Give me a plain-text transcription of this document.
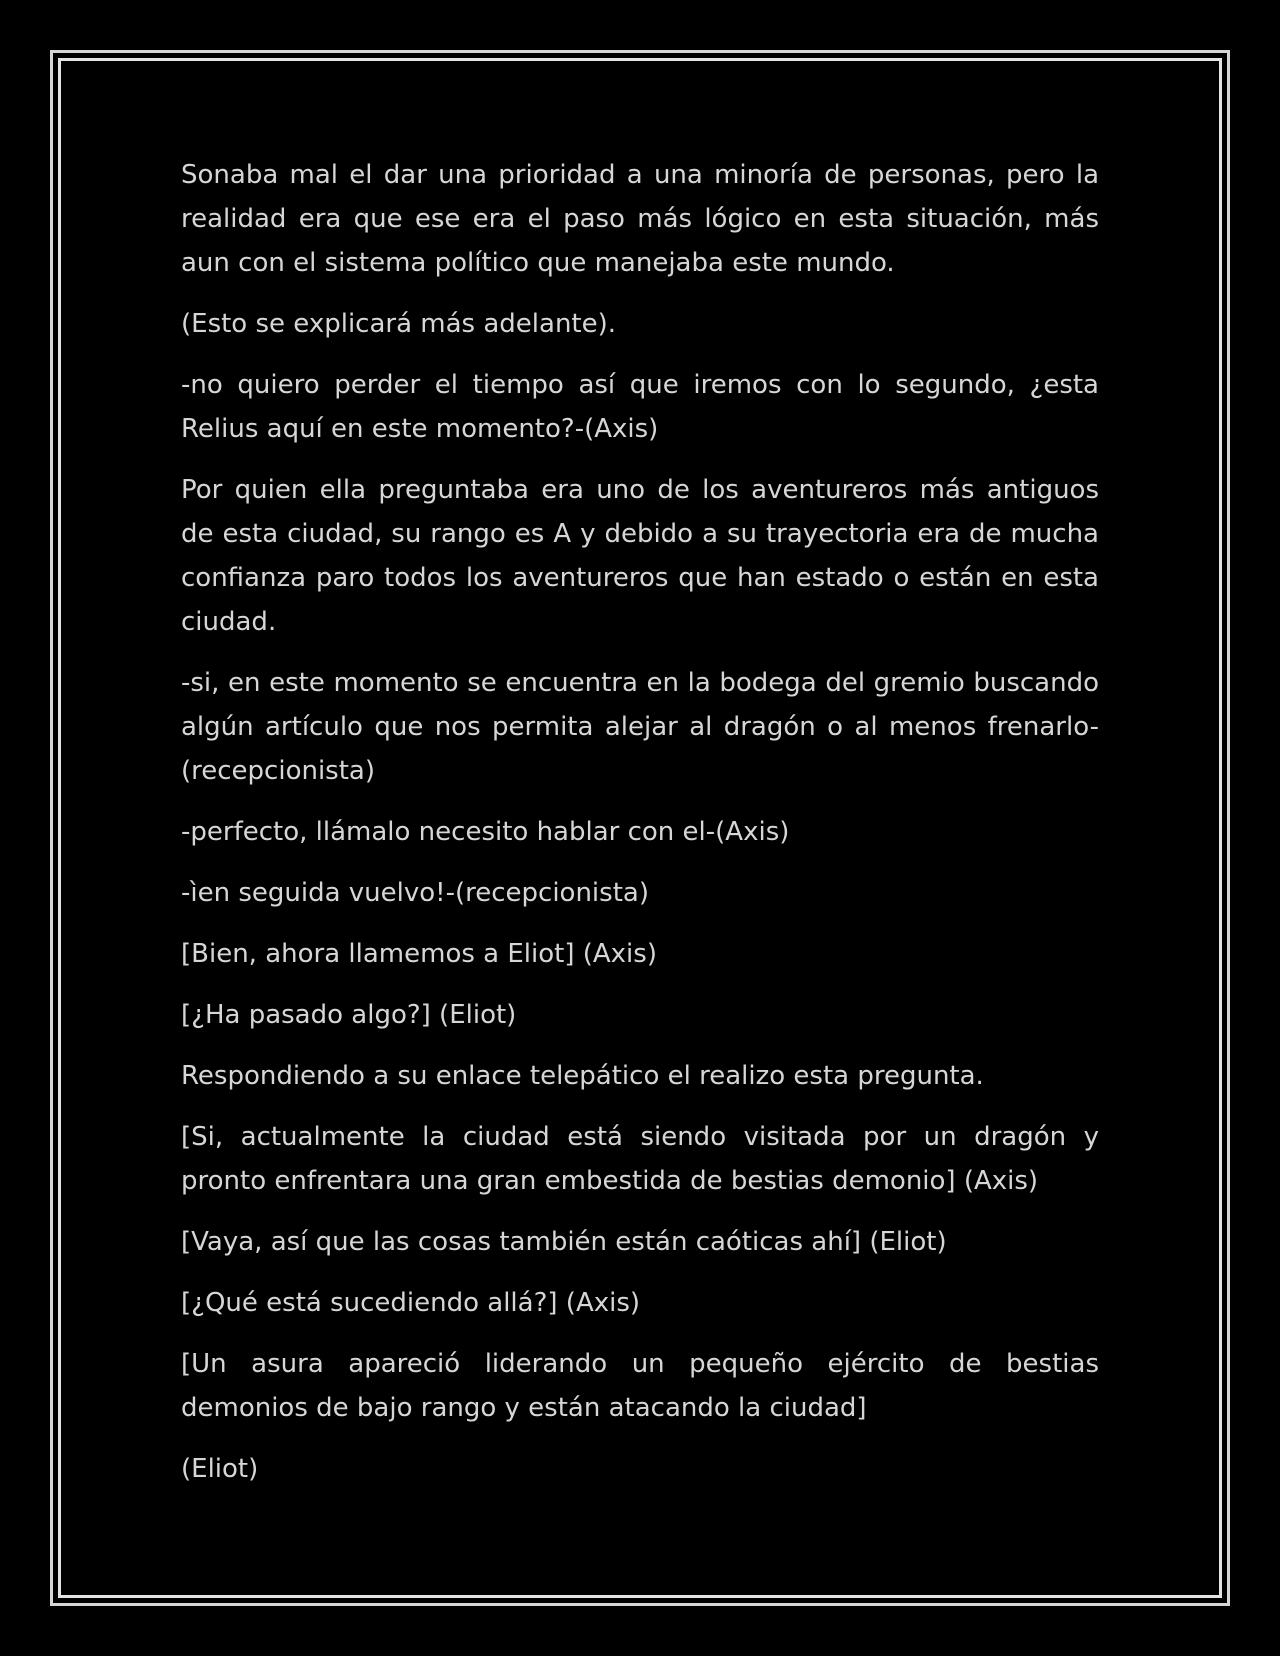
Sonaba mal el dar una prioridad a una minoría de personas, pero la realidad era que ese era el paso más lógico en esta situación, más aun con el sistema político que manejaba este mundo.

(Esto se explicará más adelante).

-no quiero perder el tiempo así que iremos con lo segundo, ¿esta Relius aquí en este momento?-(Axis)

Por quien ella preguntaba era uno de los aventureros más antiguos de esta ciudad, su rango es A y debido a su trayectoria era de mucha confianza paro todos los aventureros que han estado o están en esta ciudad.

-si, en este momento se encuentra en la bodega del gremio buscando algún artículo que nos permita alejar al dragón o al menos frenarlo-(recepcionista)

-perfecto, llámalo necesito hablar con el-(Axis)

-ìen seguida vuelvo!-(recepcionista)

[Bien, ahora llamemos a Eliot] (Axis)

[¿Ha pasado algo?] (Eliot)

Respondiendo a su enlace telepático el realizo esta pregunta.

[Si, actualmente la ciudad está siendo visitada por un dragón y pronto enfrentara una gran embestida de bestias demonio] (Axis)

[Vaya, así que las cosas también están caóticas ahí] (Eliot)

[¿Qué está sucediendo allá?] (Axis)

[Un asura apareció liderando un pequeño ejército de bestias demonios de bajo rango y están atacando la ciudad]

(Eliot)
